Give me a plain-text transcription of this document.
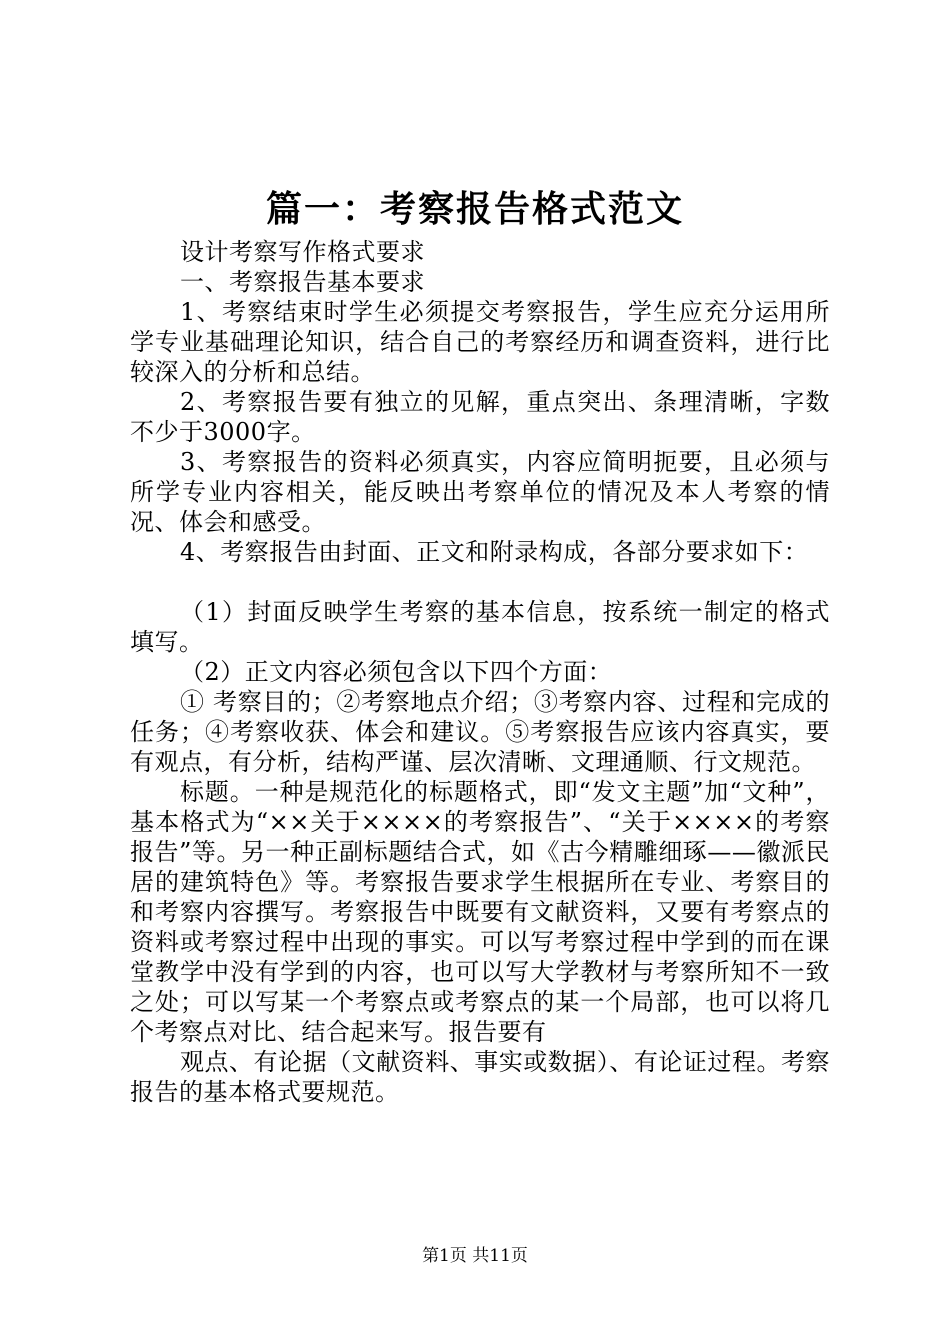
篇一：考察报告格式范文

设计考察写作格式要求

一、考察报告基本要求

1、考察结束时学生必须提交考察报告，学生应充分运用所学专业基础理论知识，结合自己的考察经历和调查资料，进行比较深入的分析和总结。

2、考察报告要有独立的见解，重点突出、条理清晰，字数不少于3000字。

3、考察报告的资料必须真实，内容应简明扼要，且必须与所学专业内容相关，能反映出考察单位的情况及本人考察的情况、体会和感受。

4、考察报告由封面、正文和附录构成，各部分要求如下：

（1）封面反映学生考察的基本信息，按系统一制定的格式填写。

（2）正文内容必须包含以下四个方面：

① 考察目的；②考察地点介绍；③考察内容、过程和完成的任务；④考察收获、体会和建议。⑤考察报告应该内容真实，要有观点，有分析，结构严谨、层次清晰、文理通顺、行文规范。

标题。一种是规范化的标题格式，即“发文主题”加“文种”，基本格式为“××关于××××的考察报告”、“关于××××的考察报告”等。另一种正副标题结合式，如《古今精雕细琢——徽派民居的建筑特色》等。考察报告要求学生根据所在专业、考察目的和考察内容撰写。考察报告中既要有文献资料，又要有考察点的资料或考察过程中出现的事实。可以写考察过程中学到的而在课堂教学中没有学到的内容，也可以写大学教材与考察所知不一致之处；可以写某一个考察点或考察点的某一个局部，也可以将几个考察点对比、结合起来写。报告要有

观点、有论据（文献资料、事实或数据）、有论证过程。考察报告的基本格式要规范。

第1页 共11页
